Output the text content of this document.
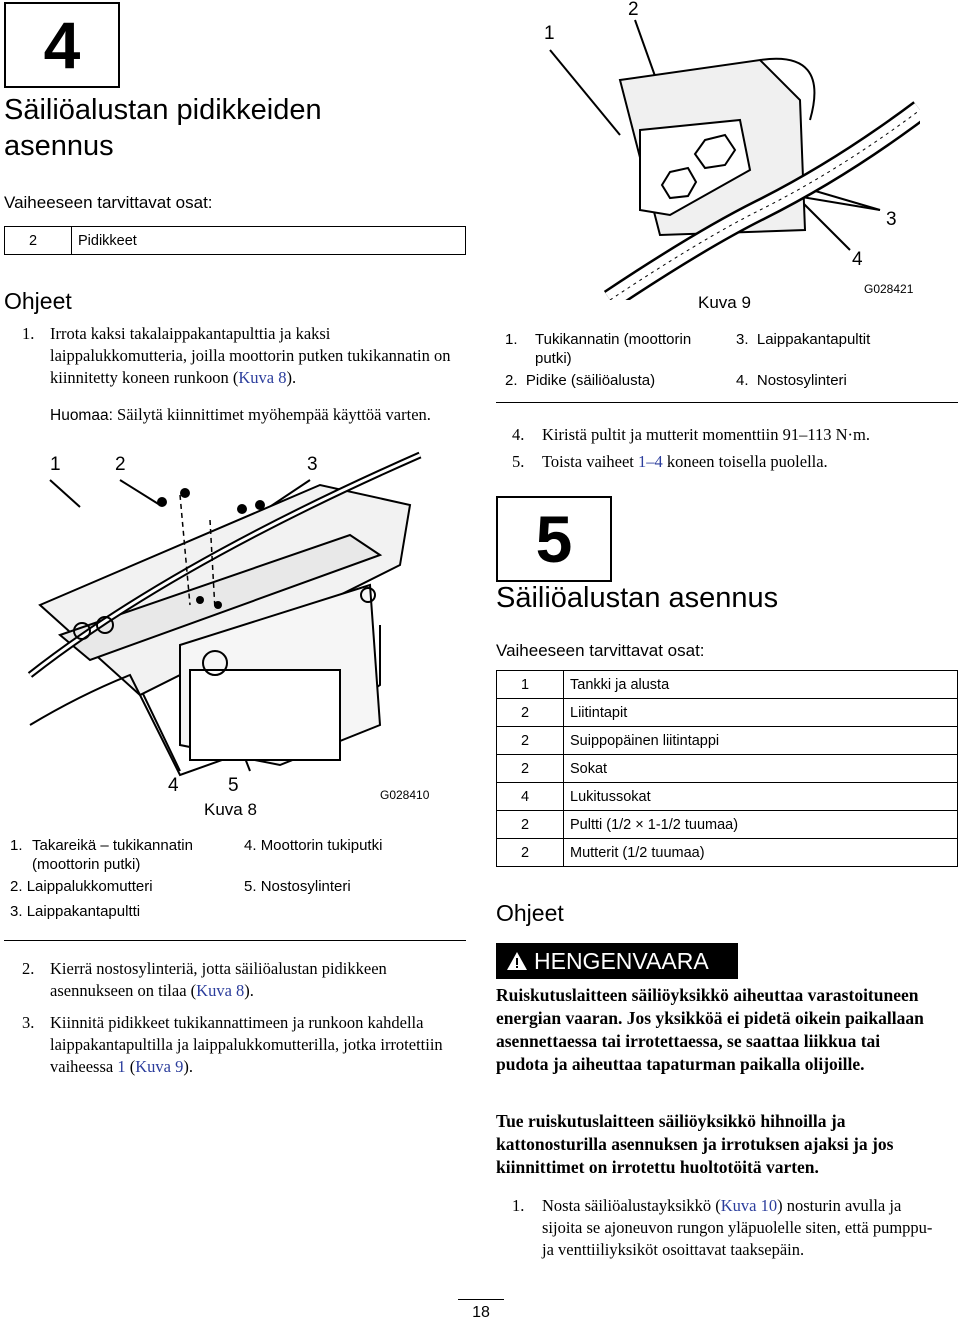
4
Säiliöalustan pidikkeiden
asennus
Vaiheeseen tarvittavat osat:
2	Pidikkeet
Ohjeet
1. Irrota kaksi takalaippakantapulttia ja kaksi laippalukkomutteria, joilla moottorin putken tukikannatin on kiinnitetty koneen runkoon (Kuva 8).
Huomaa: Säilytä kiinnittimet myöhempää käyttöä varten.
1	2	3
4	5	G028410
Kuva 8
1. Takareikä – tukikannatin (moottorin putki)
2. Laippalukkomutteri
3. Laippakantapultti
4. Moottorin tukiputki
5. Nostosylinteri
2. Kierrä nostosylinteriä, jotta säiliöalustan pidikkeen asennukseen on tilaa (Kuva 8).
3. Kiinnitä pidikkeet tukikannattimeen ja runkoon kahdella laippakantapultilla ja laippalukkomutterilla, jotka irrotettiin vaiheessa 1 (Kuva 9).
1
2
3
4
G028421
Kuva 9
1. Tukikannatin (moottorin putki)
2. Pidike (säiliöalusta)
3. Laippakantapultit
4. Nostosylinteri
4. Kiristä pultit ja mutterit momenttiin 91–113 N·m.
5. Toista vaiheet 1–4 koneen toisella puolella.
5
Säiliöalustan asennus
Vaiheeseen tarvittavat osat:
1	Tankki ja alusta
2	Liitintapit
2	Suippopäinen liitintappi
2	Sokat
4	Lukitussokat
2	Pultti (1/2 × 1-1/2 tuumaa)
2	Mutterit (1/2 tuumaa)
Ohjeet
HENGENVAARA
Ruiskutuslaitteen säiliöyksikkö aiheuttaa varastoituneen energian vaaran. Jos yksikköä ei pidetä oikein paikallaan asennettaessa tai irrotettaessa, se saattaa liikkua tai pudota ja aiheuttaa tapaturman paikalla olijoille.
Tue ruiskutuslaitteen säiliöyksikkö hihnoilla ja kattonosturilla asennuksen ja irrotuksen ajaksi ja jos kiinnittimet on irrotettu huoltotöitä varten.
1. Nosta säiliöalustayksikkö (Kuva 10) nosturin avulla ja sijoita se ajoneuvon rungon yläpuolelle siten, että pumppu- ja venttiiliyksiköt osoittavat taaksepäin.
18
